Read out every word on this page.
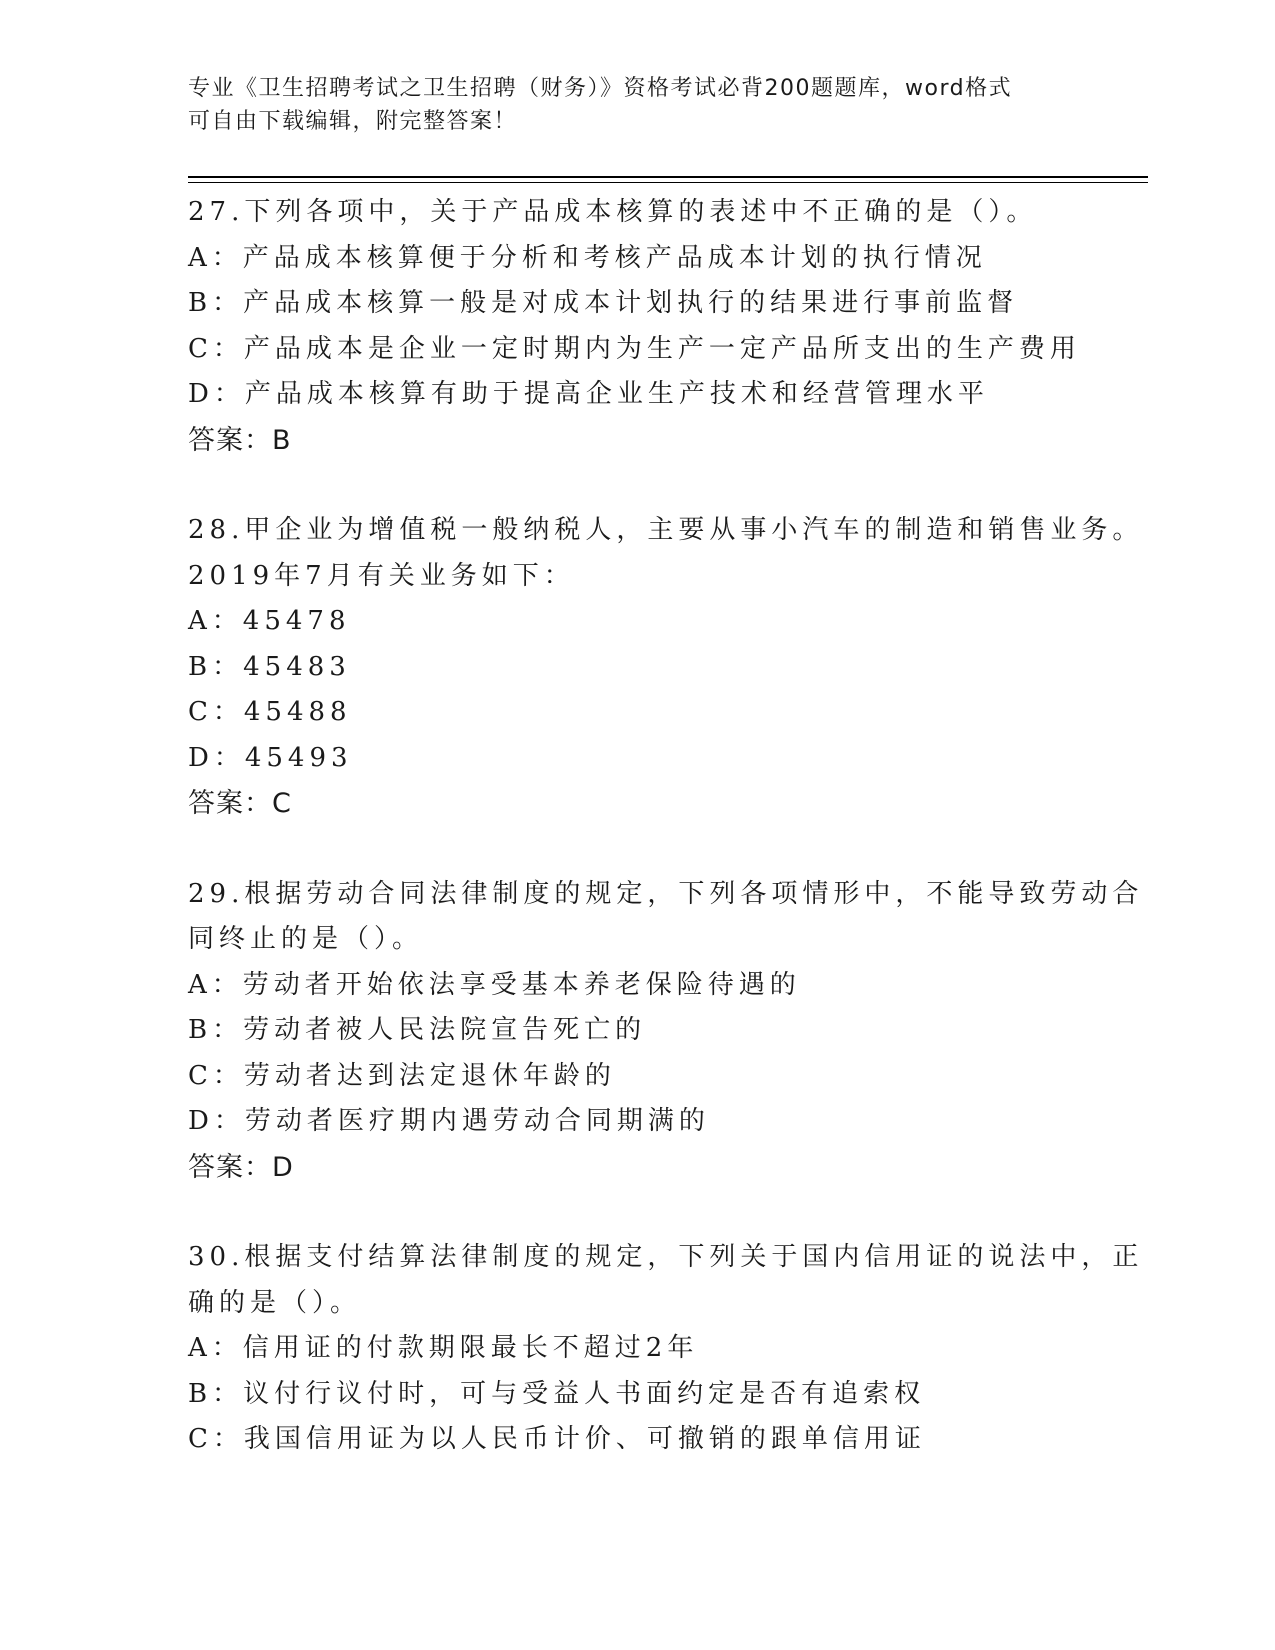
专业《卫生招聘考试之卫生招聘（财务）》资格考试必背200题题库，word格式
可自由下载编辑，附完整答案！
27.下列各项中，关于产品成本核算的表述中不正确的是（）。
A：产品成本核算便于分析和考核产品成本计划的执行情况
B：产品成本核算一般是对成本计划执行的结果进行事前监督
C：产品成本是企业一定时期内为生产一定产品所支出的生产费用
D：产品成本核算有助于提高企业生产技术和经营管理水平
答案：B
28.甲企业为增值税一般纳税人，主要从事小汽车的制造和销售业务。
2019年7月有关业务如下：
A：45478
B：45483
C：45488
D：45493
答案：C
29.根据劳动合同法律制度的规定，下列各项情形中，不能导致劳动合
同终止的是（）。
A：劳动者开始依法享受基本养老保险待遇的
B：劳动者被人民法院宣告死亡的
C：劳动者达到法定退休年龄的
D：劳动者医疗期内遇劳动合同期满的
答案：D
30.根据支付结算法律制度的规定，下列关于国内信用证的说法中，正
确的是（）。
A：信用证的付款期限最长不超过2年
B：议付行议付时，可与受益人书面约定是否有追索权
C：我国信用证为以人民币计价、可撤销的跟单信用证
